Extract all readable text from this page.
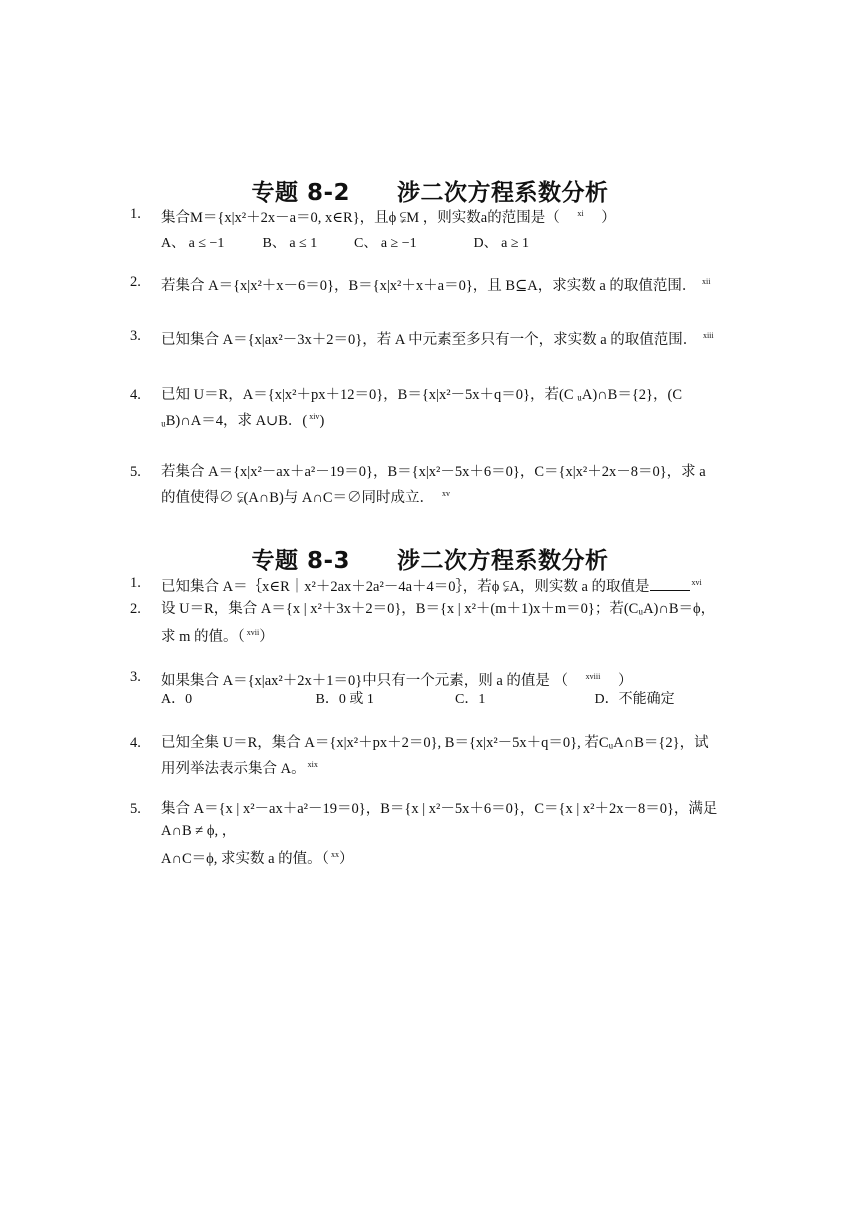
专题 8-2　　涉二次方程系数分析
1.	集合M＝{x|x²＋2x－a＝0, x∈R}，且ϕ ⫋M ，则实数a的范围是（ $^{xi}$ ）
A、 a ≤ −1	B、 a ≤ 1	C、 a ≥ −1	D、 a ≥ 1
2.	若集合 A＝{x|x²＋x－6＝0}，B＝{x|x²＋x＋a＝0}，且 B⊆A，求实数 a 的取值范围． $^{xii}$
3.	已知集合 A＝{x|ax²－3x＋2＝0}，若 A 中元素至多只有一个，求实数 a 的取值范围． $^{xiii}$
4.	已知 U＝R，A＝{x|x²＋px＋12＝0}，B＝{x|x²－5x＋q＝0}，若(C ᵤA)∩B＝{2}，(C
ᵤB)∩A＝4，求 A∪B．( $^{xiv}$)
5.	若集合 A＝{x|x²－ax＋a²－19＝0}，B＝{x|x²－5x＋6＝0}，C＝{x|x²＋2x－8＝0}，求 a
的值使得∅ ⫋(A∩B)与 A∩C＝∅同时成立． $^{xv}$
专题 8-3　　涉二次方程系数分析
1.	已知集合 A＝｛x∈R｜x²＋2ax＋2a²－4a＋4＝0｝，若ϕ ⫋A，则实数 a 的取值是	$^{xvi}$
2.	设 U＝R，集合 A＝{x | x²＋3x＋2＝0}，B＝{x | x²＋(m＋1)x＋m＝0}；若(CᵤA)∩B＝ϕ，
求 m 的值。（ $^{xvii}$）
3.	如果集合 A＝{x|ax²＋2x＋1＝0}中只有一个元素，则 a 的值是 （ $^{xviii}$ ）
A．0	B．0 或 1	C．1	D．不能确定
4.	已知全集 U＝R，集合 A＝{x|x²＋px＋2＝0}, B＝{x|x²－5x＋q＝0}, 若CᵤA∩B＝{2}，试
用列举法表示集合 A。 $^{xix}$
5.	集合 A＝{x | x²－ax＋a²－19＝0}，B＝{x | x²－5x＋6＝0}，C＝{x | x²＋2x－8＝0}，满足 A∩B ≠ ϕ, ，
A∩C＝ϕ, 求实数 a 的值。（ $^{xx}$）
